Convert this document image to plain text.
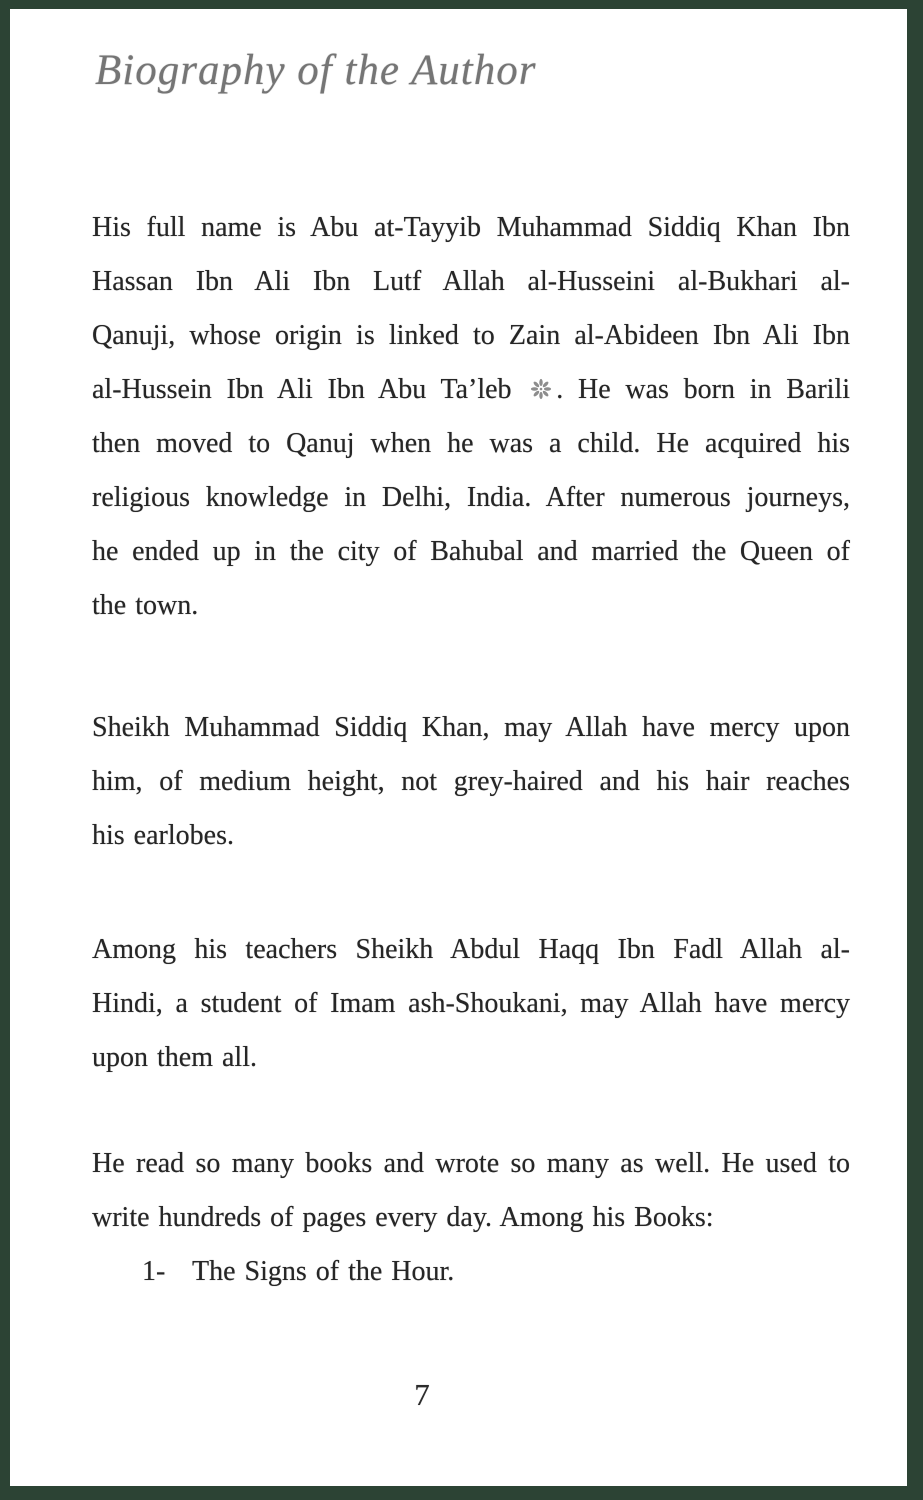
Biography of the Author
His full name is Abu at-Tayyib Muhammad Siddiq Khan Ibn
Hassan Ibn Ali Ibn Lutf Allah al-Husseini al-Bukhari al-
Qanuji, whose origin is linked to Zain al-Abideen Ibn Ali Ibn
al-Hussein Ibn Ali Ibn Abu Ta’leb . He was born in Barili
then moved to Qanuj when he was a child. He acquired his
religious knowledge in Delhi, India. After numerous journeys,
he ended up in the city of Bahubal and married the Queen of
the town.
Sheikh Muhammad Siddiq Khan, may Allah have mercy upon
him, of medium height, not grey-haired and his hair reaches
his earlobes.
Among his teachers Sheikh Abdul Haqq Ibn Fadl Allah al-
Hindi, a student of Imam ash-Shoukani, may Allah have mercy
upon them all.
He read so many books and wrote so many as well. He used to
write hundreds of pages every day. Among his Books:
1- The Signs of the Hour.
7
